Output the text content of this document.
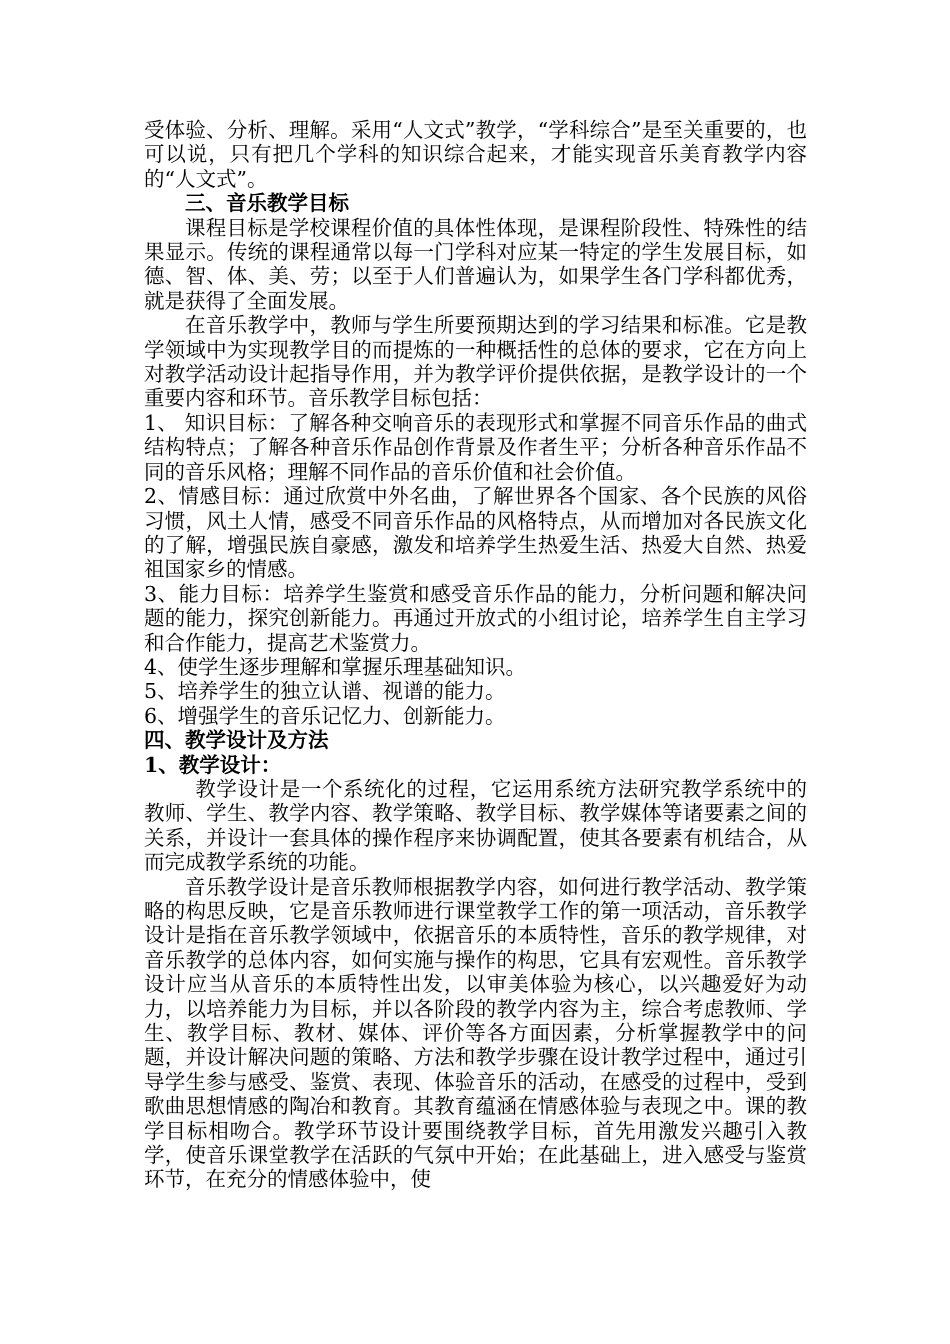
受体验、分析、理解。采用“人文式”教学，“学科综合”是至关重要的，也可以说，只有把几个学科的知识综合起来，才能实现音乐美育教学内容的“人文式”。

三、音乐教学目标

课程目标是学校课程价值的具体性体现，是课程阶段性、特殊性的结果显示。传统的课程通常以每一门学科对应某一特定的学生发展目标，如德、智、体、美、劳；以至于人们普遍认为，如果学生各门学科都优秀，就是获得了全面发展。

在音乐教学中，教师与学生所要预期达到的学习结果和标准。它是教学领域中为实现教学目的而提炼的一种概括性的总体的要求，它在方向上对教学活动设计起指导作用，并为教学评价提供依据，是教学设计的一个重要内容和环节。音乐教学目标包括：

1、 知识目标：了解各种交响音乐的表现形式和掌握不同音乐作品的曲式结构特点；了解各种音乐作品创作背景及作者生平；分析各种音乐作品不同的音乐风格；理解不同作品的音乐价值和社会价值。

2、情感目标：通过欣赏中外名曲，了解世界各个国家、各个民族的风俗习惯，风土人情，感受不同音乐作品的风格特点，从而增加对各民族文化的了解，增强民族自豪感，激发和培养学生热爱生活、热爱大自然、热爱祖国家乡的情感。

3、能力目标：培养学生鉴赏和感受音乐作品的能力，分析问题和解决问题的能力，探究创新能力。再通过开放式的小组讨论，培养学生自主学习和合作能力，提高艺术鉴赏力。

4、使学生逐步理解和掌握乐理基础知识。

5、培养学生的独立认谱、视谱的能力。

6、增强学生的音乐记忆力、创新能力。

四、教学设计及方法

1、教学设计：

教学设计是一个系统化的过程，它运用系统方法研究教学系统中的教师、学生、教学内容、教学策略、教学目标、教学媒体等诸要素之间的关系，并设计一套具体的操作程序来协调配置，使其各要素有机结合，从而完成教学系统的功能。

音乐教学设计是音乐教师根据教学内容，如何进行教学活动、教学策略的构思反映，它是音乐教师进行课堂教学工作的第一项活动，音乐教学设计是指在音乐教学领域中，依据音乐的本质特性，音乐的教学规律，对音乐教学的总体内容，如何实施与操作的构思，它具有宏观性。音乐教学设计应当从音乐的本质特性出发，以审美体验为核心，以兴趣爱好为动力，以培养能力为目标，并以各阶段的教学内容为主，综合考虑教师、学生、教学目标、教材、媒体、评价等各方面因素，分析掌握教学中的问题，并设计解决问题的策略、方法和教学步骤在设计教学过程中，通过引导学生参与感受、鉴赏、表现、体验音乐的活动，在感受的过程中，受到歌曲思想情感的陶冶和教育。其教育蕴涵在情感体验与表现之中。课的教学目标相吻合。教学环节设计要围绕教学目标，首先用激发兴趣引入教学，使音乐课堂教学在活跃的气氛中开始；在此基础上，进入感受与鉴赏环节，在充分的情感体验中，使
